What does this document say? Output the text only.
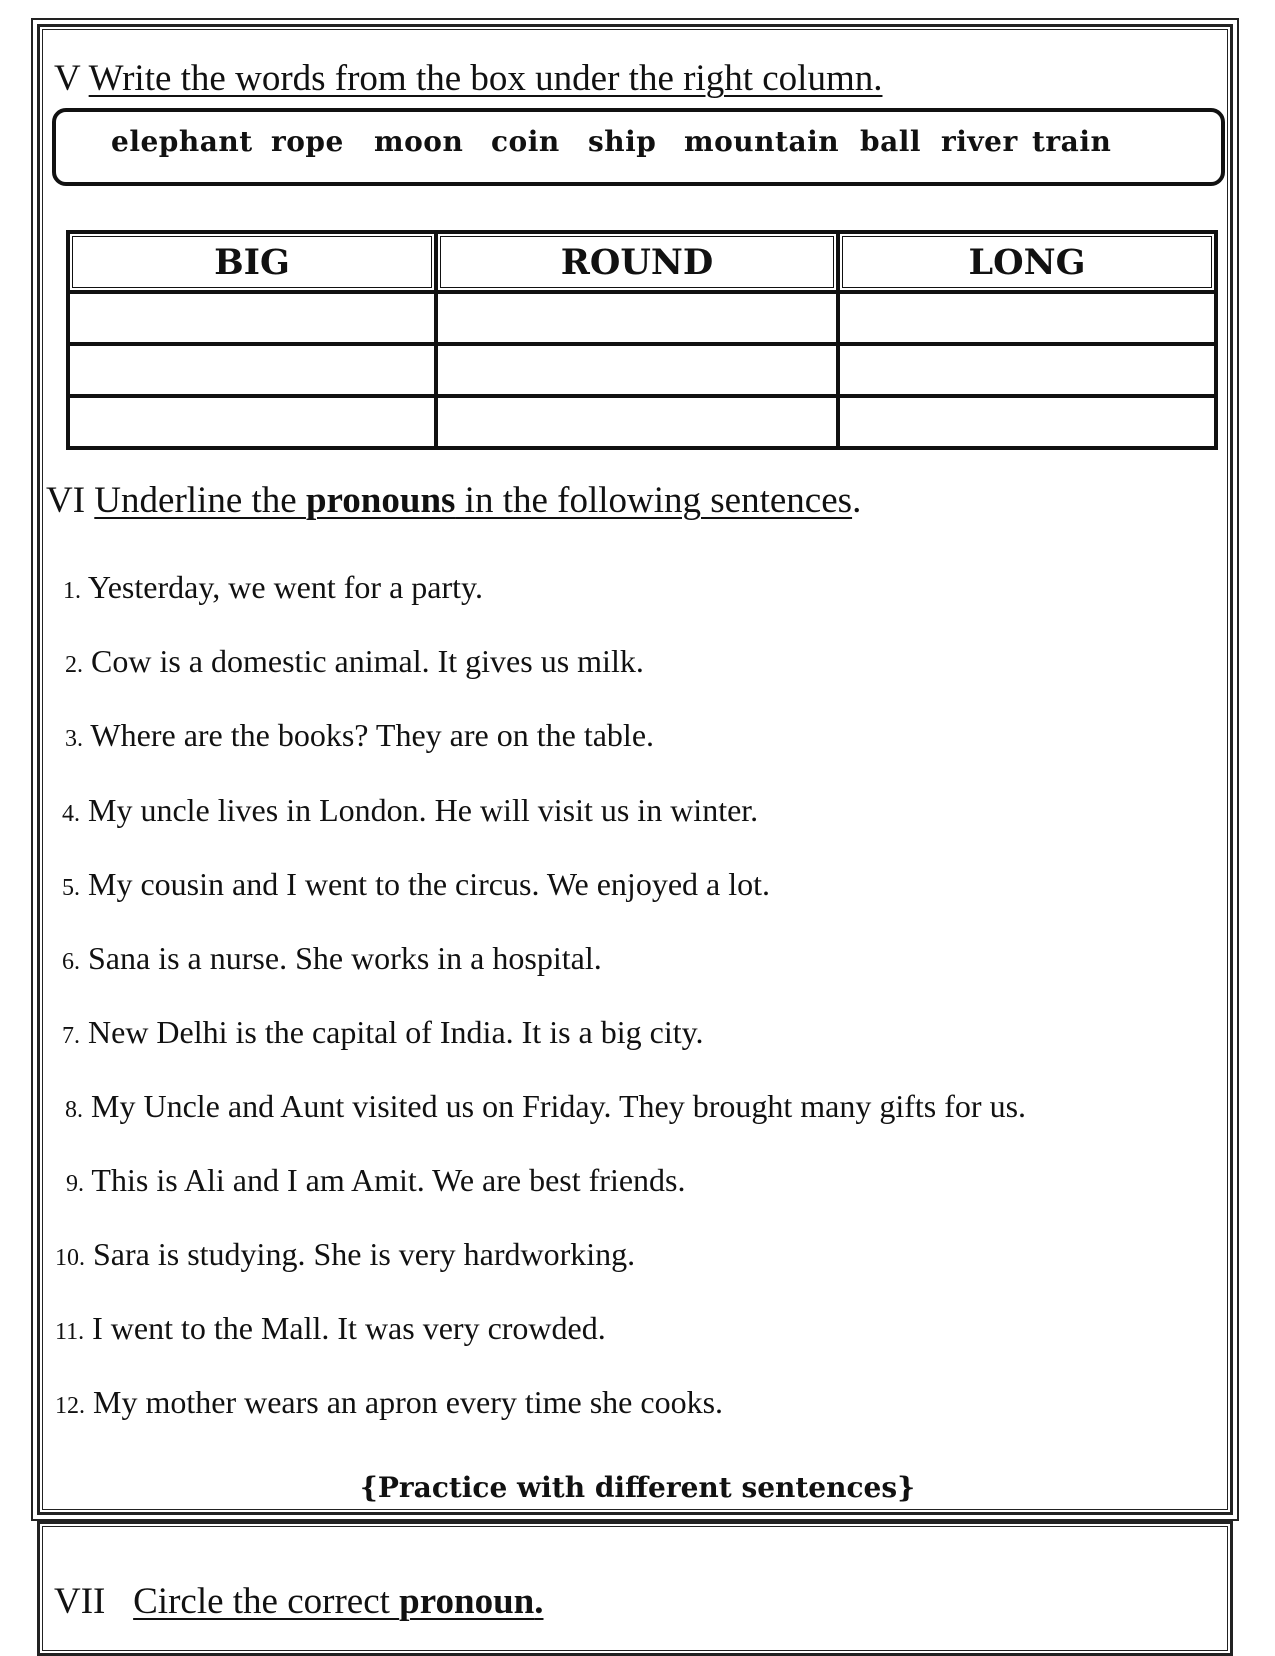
V Write the words from the box under the right column.
elephant rope moon coin ship mountain ball river train
BIG	ROUND	LONG

VI Underline the pronouns in the following sentences.
1. Yesterday, we went for a party.
2. Cow is a domestic animal. It gives us milk.
3. Where are the books? They are on the table.
4. My uncle lives in London. He will visit us in winter.
5. My cousin and I went to the circus. We enjoyed a lot.
6. Sana is a nurse. She works in a hospital.
7. New Delhi is the capital of India. It is a big city.
8. My Uncle and Aunt visited us on Friday. They brought many gifts for us.
9. This is Ali and I am Amit. We are best friends.
10. Sara is studying. She is very hardworking.
11. I went to the Mall. It was very crowded.
12. My mother wears an apron every time she cooks.
{Practice with different sentences}
VII Circle the correct pronoun.
